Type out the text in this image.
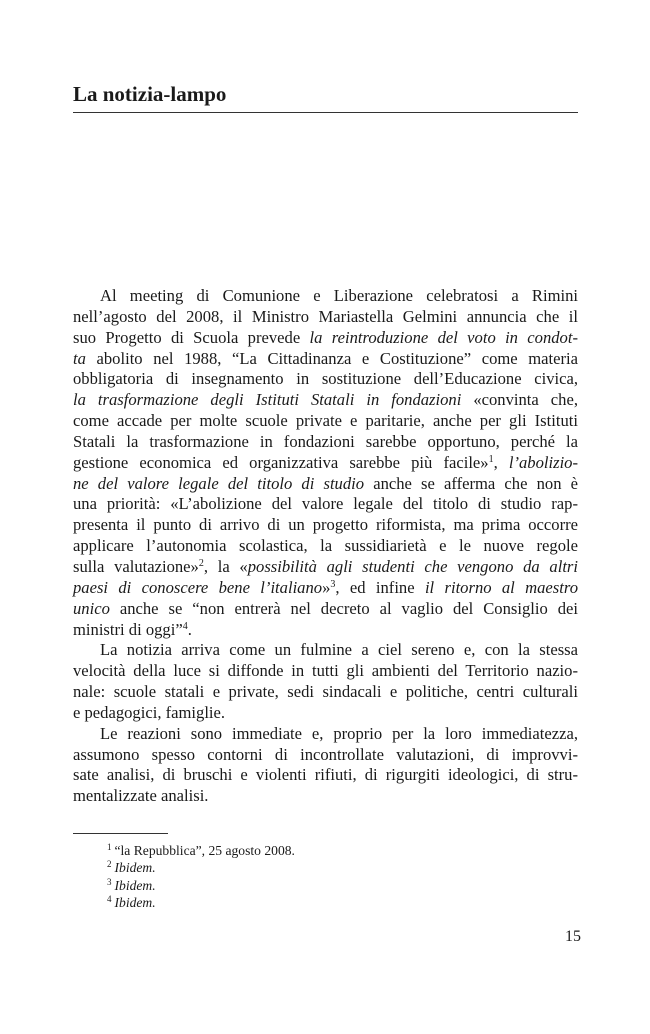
La notizia-lampo
Al meeting di Comunione e Liberazione celebratosi a Rimini
nell’agosto del 2008, il Ministro Mariastella Gelmini annuncia che il
suo Progetto di Scuola prevede la reintroduzione del voto in condot-
ta abolito nel 1988, “La Cittadinanza e Costituzione” come materia
obbligatoria di insegnamento in sostituzione dell’Educazione civica,
la trasformazione degli Istituti Statali in fondazioni «convinta che,
come accade per molte scuole private e paritarie, anche per gli Istituti
Statali la trasformazione in fondazioni sarebbe opportuno, perché la
gestione economica ed organizzativa sarebbe più facile»$^1$, l’abolizio-
ne del valore legale del titolo di studio anche se afferma che non è
una priorità: «L’abolizione del valore legale del titolo di studio rap-
presenta il punto di arrivo di un progetto riformista, ma prima occorre
applicare l’autonomia scolastica, la sussidiarietà e le nuove regole
sulla valutazione»$^2$, la «possibilità agli studenti che vengono da altri
paesi di conoscere bene l’italiano»$^3$, ed infine il ritorno al maestro
unico anche se “non entrerà nel decreto al vaglio del Consiglio dei
ministri di oggi”$^4$.
La notizia arriva come un fulmine a ciel sereno e, con la stessa
velocità della luce si diffonde in tutti gli ambienti del Territorio nazio-
nale: scuole statali e private, sedi sindacali e politiche, centri culturali
e pedagogici, famiglie.
Le reazioni sono immediate e, proprio per la loro immediatezza,
assumono spesso contorni di incontrollate valutazioni, di improvvi-
sate analisi, di bruschi e violenti rifiuti, di rigurgiti ideologici, di stru-
mentalizzate analisi.
$^1$ “la Repubblica”, 25 agosto 2008.
$^2$ Ibidem.
$^3$ Ibidem.
$^4$ Ibidem.
15
